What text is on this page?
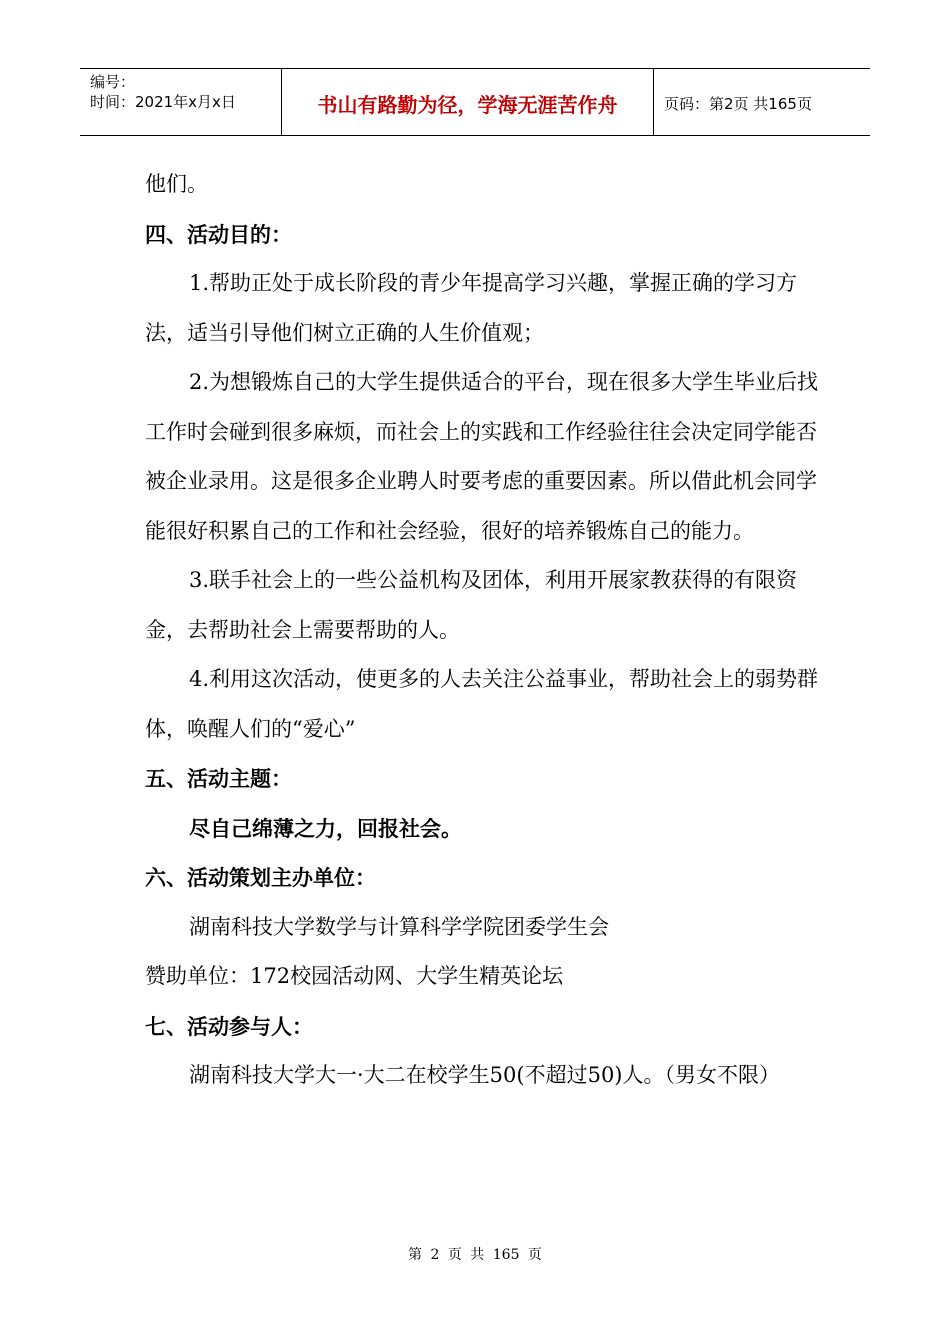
编号：
时间：2021年x月x日	书山有路勤为径，学海无涯苦作舟	页码：第2页 共165页

他们。

四、活动目的：

1.帮助正处于成长阶段的青少年提高学习兴趣，掌握正确的学习方法，适当引导他们树立正确的人生价值观；

2.为想锻炼自己的大学生提供适合的平台，现在很多大学生毕业后找工作时会碰到很多麻烦，而社会上的实践和工作经验往往会决定同学能否被企业录用。这是很多企业聘人时要考虑的重要因素。所以借此机会同学能很好积累自己的工作和社会经验，很好的培养锻炼自己的能力。

3.联手社会上的一些公益机构及团体，利用开展家教获得的有限资金，去帮助社会上需要帮助的人。

4.利用这次活动，使更多的人去关注公益事业，帮助社会上的弱势群体，唤醒人们的“爱心”

五、活动主题：

尽自己绵薄之力，回报社会。

六、活动策划主办单位：

湖南科技大学数学与计算科学学院团委学生会

赞助单位：172校园活动网、大学生精英论坛

七、活动参与人：

湖南科技大学大一·大二在校学生50(不超过50)人。（男女不限）

第 2 页 共 165 页
